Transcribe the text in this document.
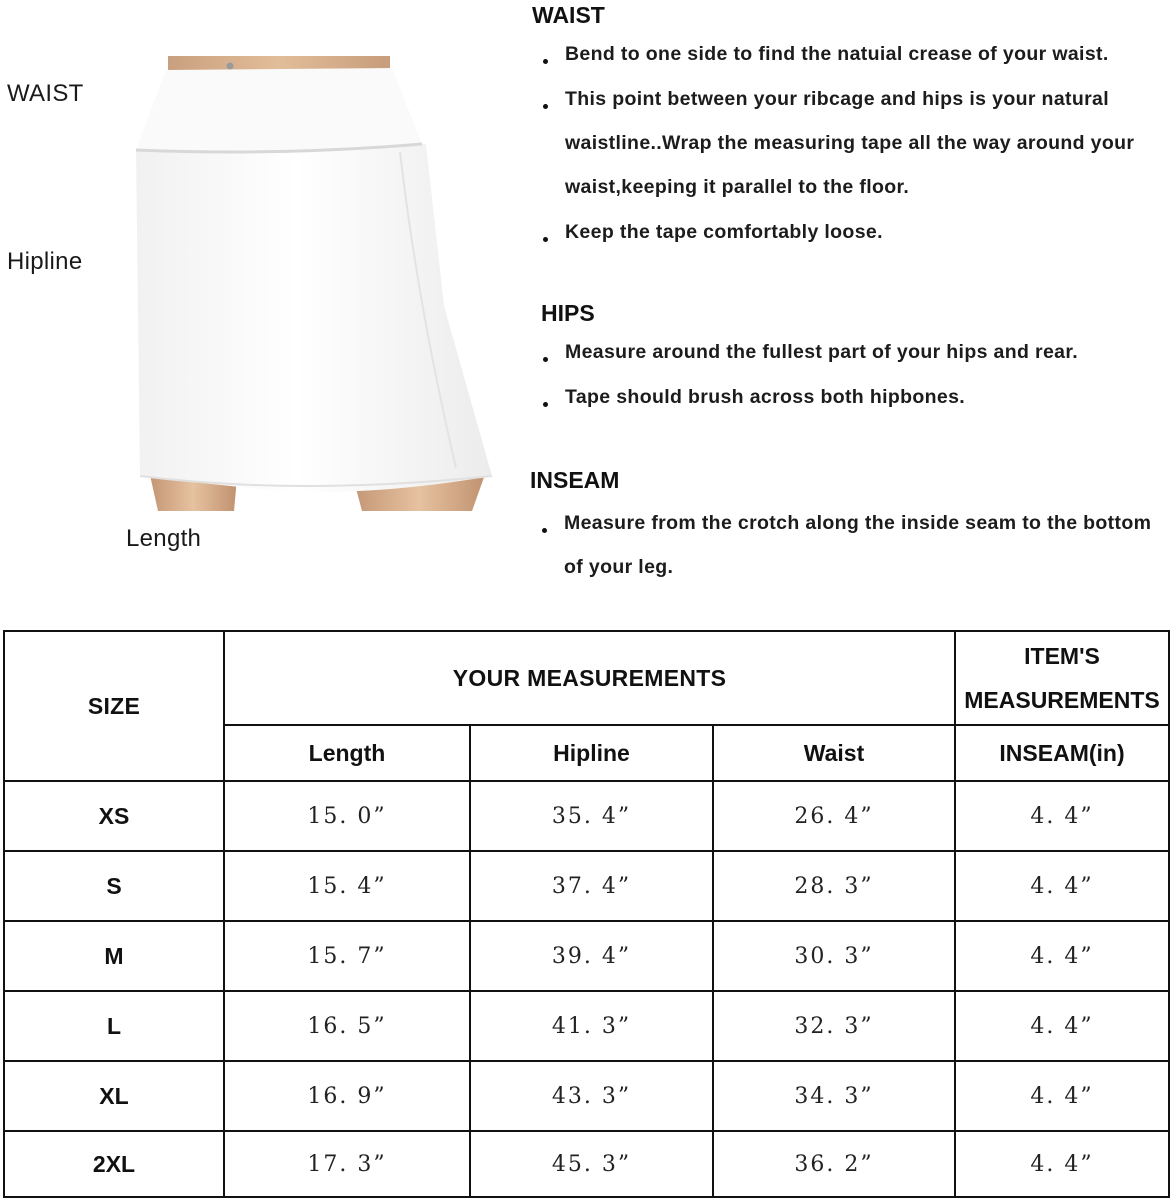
WAIST
Hipline
Length
WAIST
Bend to one side to find the natuial crease of your waist.
This point between your ribcage and hips is your natural waistline..Wrap the measuring tape all the way around your waist,keeping it parallel to the floor.
Keep the tape comfortably loose.
HIPS
Measure around the fullest part of your hips and rear.
Tape should brush across both hipbones.
INSEAM
Measure from the crotch along the inside seam to the bottom of your leg.
SIZE	YOUR MEASUREMENTS			ITEM'S
MEASUREMENTS

	Length	Hipline	Waist	INSEAM(in)
XS	15. 0”	35. 4”	26. 4”	4. 4”
S	15. 4”	37. 4”	28. 3”	4. 4”
M	15. 7”	39. 4”	30. 3”	4. 4”
L	16. 5”	41. 3”	32. 3”	4. 4”
XL	16. 9”	43. 3”	34. 3”	4. 4”
2XL	17. 3”	45. 3”	36. 2”	4. 4”
